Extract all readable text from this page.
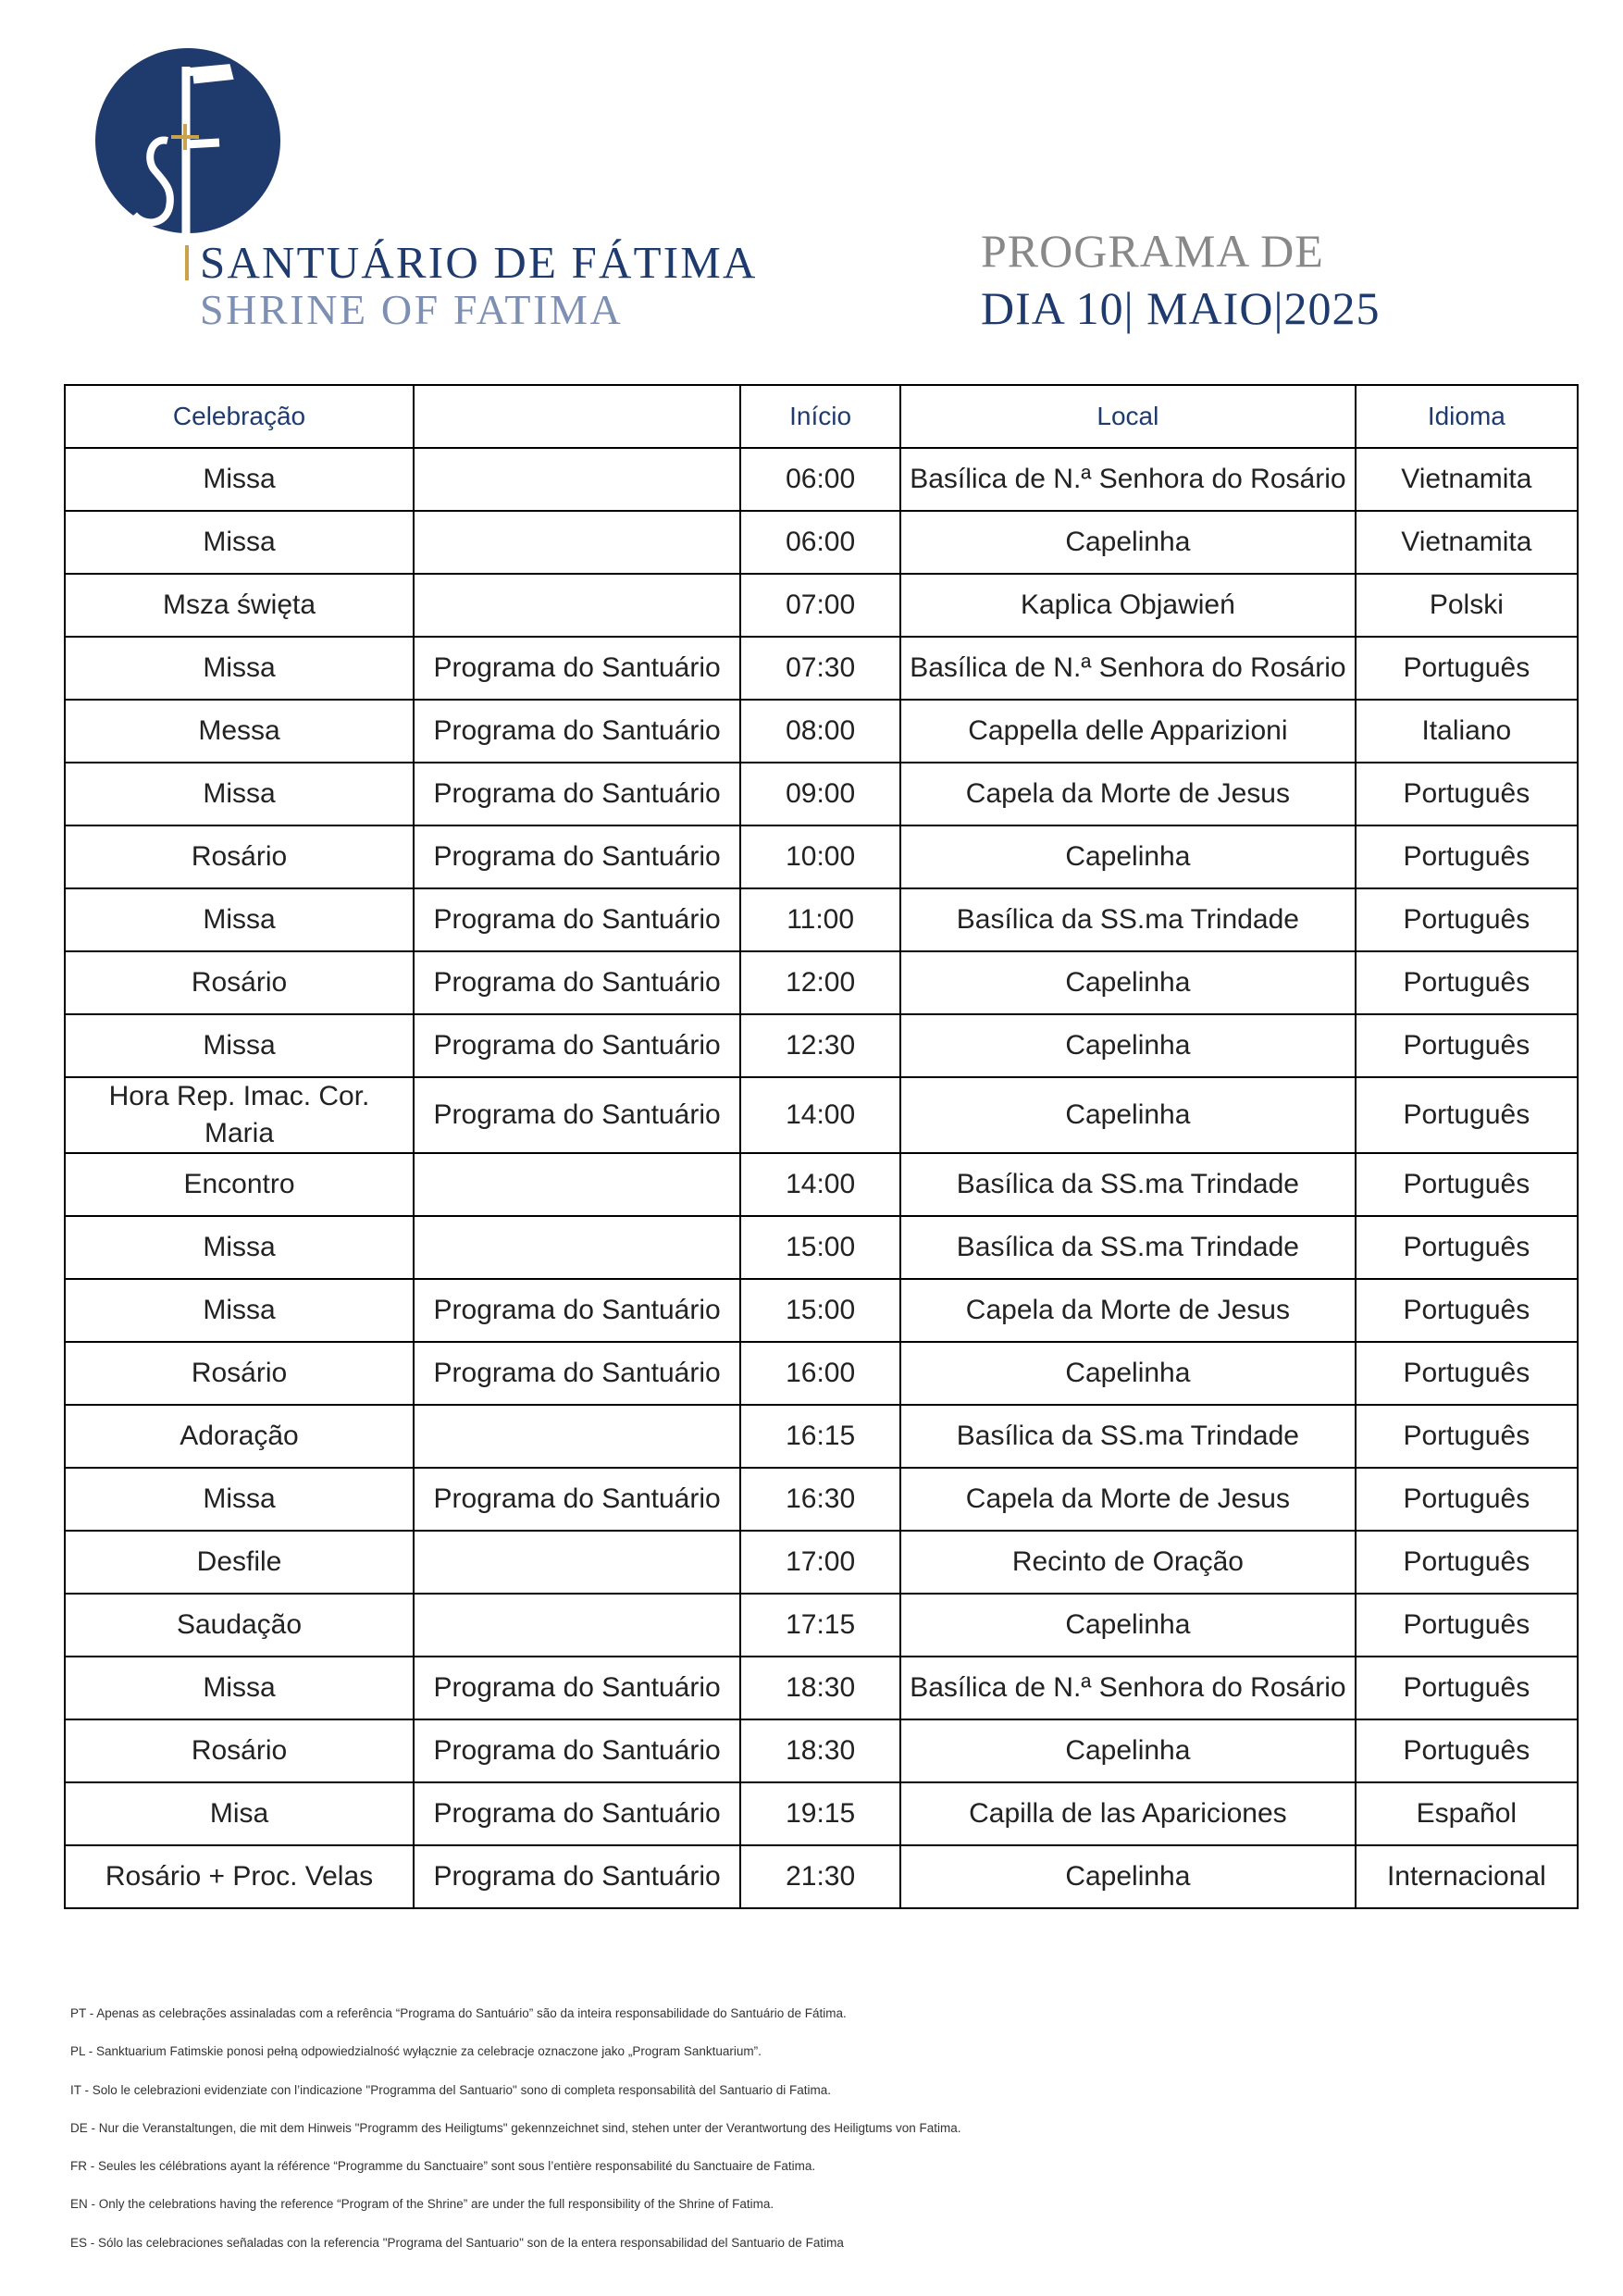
SANTUÁRIO DE FÁTIMA
SHRINE OF FATIMA
PROGRAMA DE
DIA 10| MAIO|2025
Celebração		Início	Local	Idioma
Missa		06:00	Basílica de N.ª Senhora do Rosário	Vietnamita
Missa		06:00	Capelinha	Vietnamita
Msza święta		07:00	Kaplica Objawień	Polski
Missa	Programa do Santuário	07:30	Basílica de N.ª Senhora do Rosário	Português
Messa	Programa do Santuário	08:00	Cappella delle Apparizioni	Italiano
Missa	Programa do Santuário	09:00	Capela da Morte de Jesus	Português
Rosário	Programa do Santuário	10:00	Capelinha	Português
Missa	Programa do Santuário	11:00	Basílica da SS.ma Trindade	Português
Rosário	Programa do Santuário	12:00	Capelinha	Português
Missa	Programa do Santuário	12:30	Capelinha	Português
Hora Rep. Imac. Cor. Maria	Programa do Santuário	14:00	Capelinha	Português
Encontro		14:00	Basílica da SS.ma Trindade	Português
Missa		15:00	Basílica da SS.ma Trindade	Português
Missa	Programa do Santuário	15:00	Capela da Morte de Jesus	Português
Rosário	Programa do Santuário	16:00	Capelinha	Português
Adoração		16:15	Basílica da SS.ma Trindade	Português
Missa	Programa do Santuário	16:30	Capela da Morte de Jesus	Português
Desfile		17:00	Recinto de Oração	Português
Saudação		17:15	Capelinha	Português
Missa	Programa do Santuário	18:30	Basílica de N.ª Senhora do Rosário	Português
Rosário	Programa do Santuário	18:30	Capelinha	Português
Misa	Programa do Santuário	19:15	Capilla de las Apariciones	Español
Rosário + Proc. Velas	Programa do Santuário	21:30	Capelinha	Internacional
PT - Apenas as celebrações assinaladas com a referência “Programa do Santuário” são da inteira responsabilidade do Santuário de Fátima.
PL - Sanktuarium Fatimskie ponosi pełną odpowiedzialność wyłącznie za celebracje oznaczone jako „Program Sanktuarium”.
IT - Solo le celebrazioni evidenziate con l’indicazione "Programma del Santuario" sono di completa responsabilità del Santuario di Fatima.
DE - Nur die Veranstaltungen, die mit dem Hinweis "Programm des Heiligtums" gekennzeichnet sind, stehen unter der Verantwortung des Heiligtums von Fatima.
FR - Seules les célébrations ayant la référence “Programme du Sanctuaire” sont sous l’entière responsabilité du Sanctuaire de Fatima.
EN - Only the celebrations having the reference “Program of the Shrine” are under the full responsibility of the Shrine of Fatima.
ES - Sólo las celebraciones señaladas con la referencia "Programa del Santuario" son de la entera responsabilidad del Santuario de Fatima
